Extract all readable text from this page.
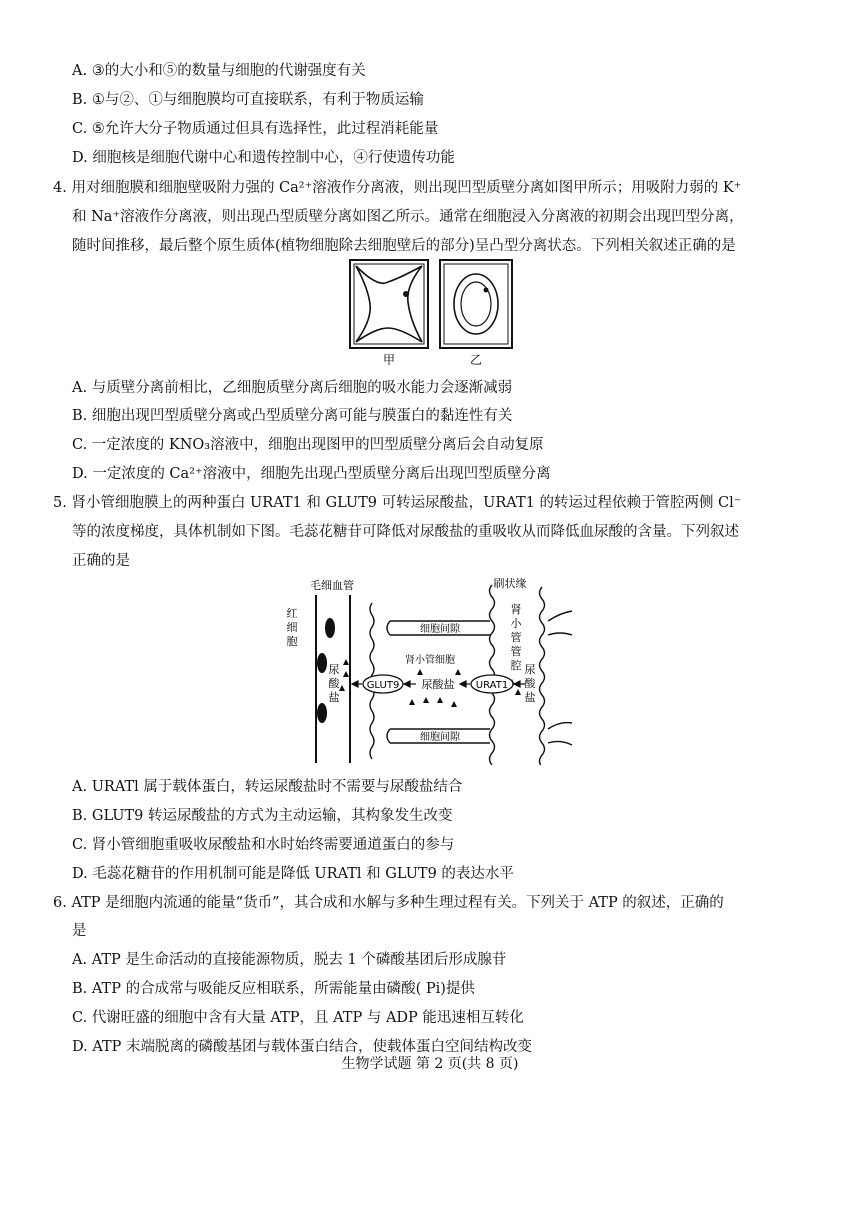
A. ③的大小和⑤的数量与细胞的代谢强度有关
B. ①与②、①与细胞膜均可直接联系，有利于物质运输
C. ⑤允许大分子物质通过但具有选择性，此过程消耗能量
D. 细胞核是细胞代谢中心和遗传控制中心，④行使遗传功能
4. 用对细胞膜和细胞壁吸附力强的 Ca²⁺溶液作分离液，则出现凹型质壁分离如图甲所示；用吸附力弱的 K⁺
和 Na⁺溶液作分离液，则出现凸型质壁分离如图乙所示。通常在细胞浸入分离液的初期会出现凹型分离，
随时间推移，最后整个原生质体(植物细胞除去细胞壁后的部分)呈凸型分离状态。下列相关叙述正确的是
甲	乙
A. 与质壁分离前相比，乙细胞质壁分离后细胞的吸水能力会逐渐减弱
B. 细胞出现凹型质壁分离或凸型质壁分离可能与膜蛋白的黏连性有关
C. 一定浓度的 KNO₃溶液中，细胞出现图甲的凹型质壁分离后会自动复原
D. 一定浓度的 Ca²⁺溶液中，细胞先出现凸型质壁分离后出现凹型质壁分离
5. 肾小管细胞膜上的两种蛋白 URAT1 和 GLUT9 可转运尿酸盐，URAT1 的转运过程依赖于管腔两侧 Cl⁻
等的浓度梯度，具体机制如下图。毛蕊花糖苷可降低对尿酸盐的重吸收从而降低血尿酸的含量。下列叙述
正确的是
毛细血管
红
细
胞
尿
酸
盐
刷状缘
细胞间隙
细胞间隙
肾
小
管
管
腔 尿
酸
盐
肾小管细胞
GLUT9	URAT1
尿酸盐
A. URATl 属于载体蛋白，转运尿酸盐时不需要与尿酸盐结合
B. GLUT9 转运尿酸盐的方式为主动运输，其构象发生改变
C. 肾小管细胞重吸收尿酸盐和水时始终需要通道蛋白的参与
D. 毛蕊花糖苷的作用机制可能是降低 URATl 和 GLUT9 的表达水平
6. ATP 是细胞内流通的能量“货币”，其合成和水解与多种生理过程有关。下列关于 ATP 的叙述，正确的
是
A. ATP 是生命活动的直接能源物质，脱去 1 个磷酸基团后形成腺苷
B. ATP 的合成常与吸能反应相联系，所需能量由磷酸( Pi)提供
C. 代谢旺盛的细胞中含有大量 ATP，且 ATP 与 ADP 能迅速相互转化
D. ATP 末端脱离的磷酸基团与载体蛋白结合，使载体蛋白空间结构改变
生物学试题 第 2 页(共 8 页)
